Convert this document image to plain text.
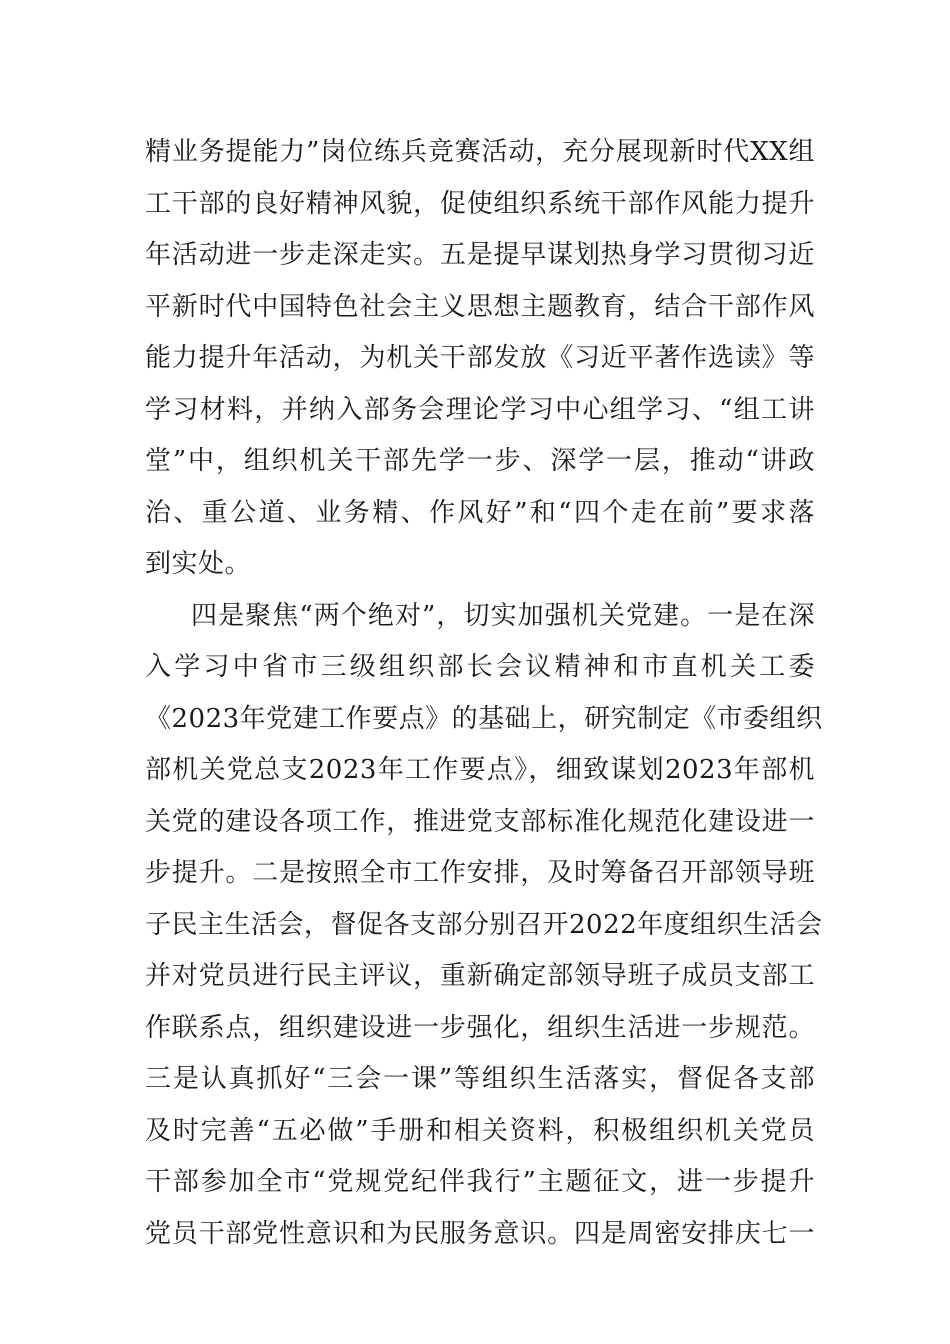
精业务提能力”岗位练兵竞赛活动，充分展现新时代XX组
工干部的良好精神风貌，促使组织系统干部作风能力提升
年活动进一步走深走实。五是提早谋划热身学习贯彻习近
平新时代中国特色社会主义思想主题教育，结合干部作风
能力提升年活动，为机关干部发放《习近平著作选读》等
学习材料，并纳入部务会理论学习中心组学习、“组工讲
堂”中，组织机关干部先学一步、深学一层，推动“讲政
治、重公道、业务精、作风好”和“四个走在前”要求落
到实处。
四是聚焦“两个绝对”，切实加强机关党建。一是在深
入学习中省市三级组织部长会议精神和市直机关工委
《2023年党建工作要点》的基础上，研究制定《市委组织
部机关党总支2023年工作要点》，细致谋划2023年部机
关党的建设各项工作，推进党支部标准化规范化建设进一
步提升。二是按照全市工作安排，及时筹备召开部领导班
子民主生活会，督促各支部分别召开2022年度组织生活会
并对党员进行民主评议，重新确定部领导班子成员支部工
作联系点，组织建设进一步强化，组织生活进一步规范。
三是认真抓好“三会一课”等组织生活落实，督促各支部
及时完善“五必做”手册和相关资料，积极组织机关党员
干部参加全市“党规党纪伴我行”主题征文，进一步提升
党员干部党性意识和为民服务意识。四是周密安排庆七一
